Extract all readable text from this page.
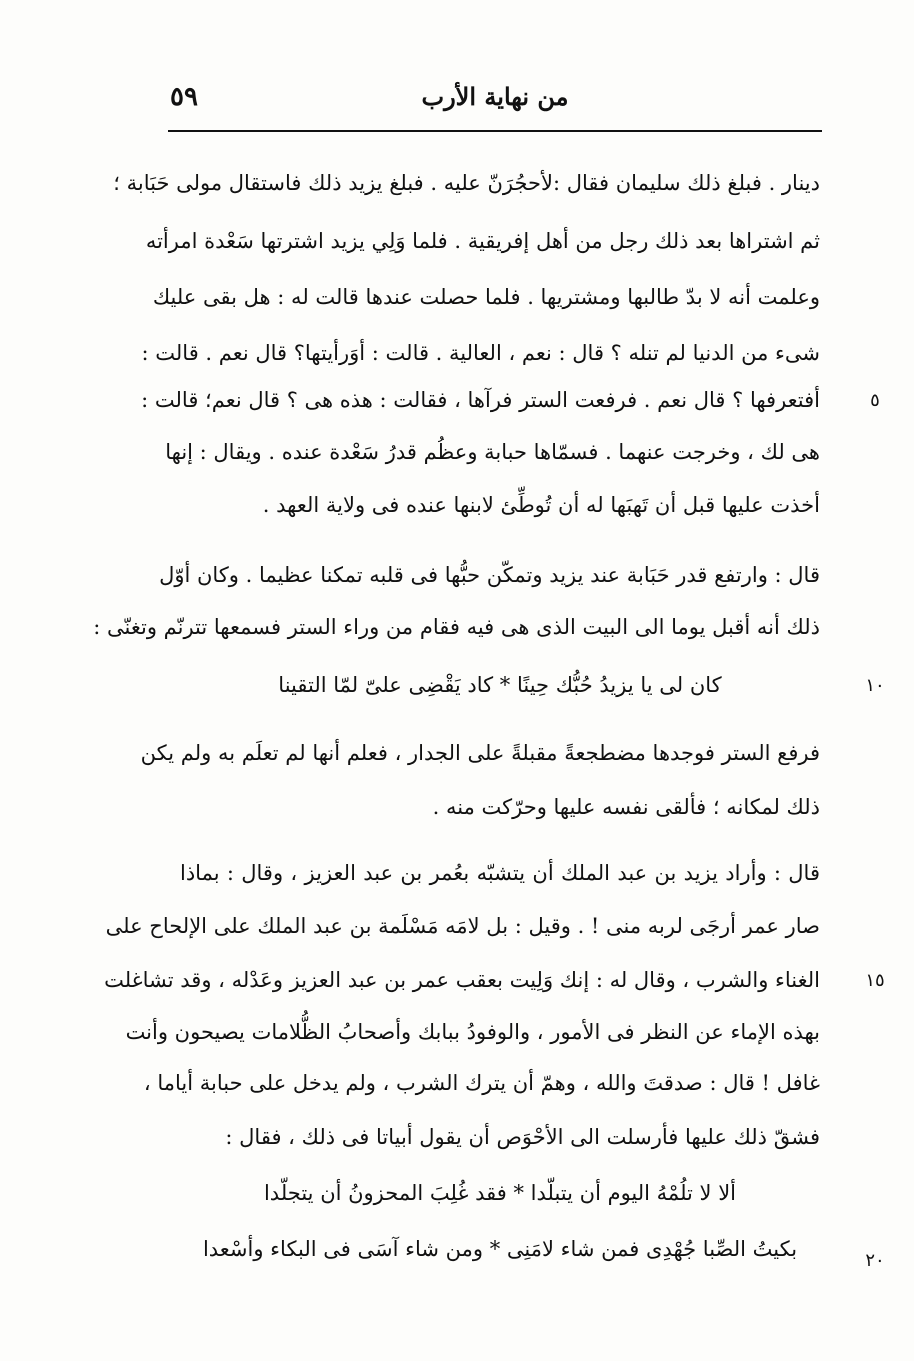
٥٩	من نهاية الأرب
دينار . فبلغ ذلك سليمان فقال :لأحجُرَنّ عليه . فبلغ يزيد ذلك فاستقال مولى حَبَابة ؛
ثم اشتراها بعد ذلك رجل من أهل إفريقية . فلما وَلِي يزيد اشترتها سَعْدة امرأته
وعلمت أنه لا بدّ طالبها ومشتريها . فلما حصلت عندها قالت له : هل بقى عليك
شىء من الدنيا لم تنله ؟ قال : نعم ، العالية . قالت : أوَرأيتها؟ قال نعم . قالت :
أفتعرفها ؟ قال نعم . فرفعت الستر فرآها ، فقالت : هذه هى ؟ قال نعم؛ قالت :
هى لك ، وخرجت عنهما . فسمّاها حبابة وعظُم قدرُ سَعْدة عنده . ويقال : إنها
أخذت عليها قبل أن تَهبَها له أن تُوطِّئ لابنها عنده فى ولاية العهد .
قال : وارتفع قدر حَبَابة عند يزيد وتمكّن حبُّها فى قلبه تمكنا عظيما . وكان أوّل
ذلك أنه أقبل يوما الى البيت الذى هى فيه فقام من وراء الستر فسمعها تترنّم وتغنّى :
كان لى يا يزيدُ حُبُّك حِينًا * كاد يَقْضِى علىّ لمّا التقينا
فرفع الستر فوجدها مضطجعةً مقبلةً على الجدار ، فعلم أنها لم تعلَم به ولم يكن
ذلك لمكانه ؛ فألقى نفسه عليها وحرّكت منه .
قال : وأراد يزيد بن عبد الملك أن يتشبّه بعُمر بن عبد العزيز ، وقال : بماذا
صار عمر أرجَى لربه منى ! . وقيل : بل لامَه مَسْلَمة بن عبد الملك على الإلحاح على
الغناء والشرب ، وقال له : إنك وَلِيت بعقب عمر بن عبد العزيز وعَدْله ، وقد تشاغلت
بهذه الإماء عن النظر فى الأمور ، والوفودُ ببابك وأصحابُ الظُّلامات يصيحون وأنت
غافل ! قال : صدقتَ والله ، وهمّ أن يترك الشرب ، ولم يدخل على حبابة أياما ،
فشقّ ذلك عليها فأرسلت الى الأحْوَص أن يقول أبياتا فى ذلك ، فقال :
ألا لا تلُمْهُ اليوم أن يتبلّدا * فقد غُلِبَ المحزونُ أن يتجلّدا
بكيتُ الصِّبا جُهْدِى فمن شاء لامَنِى * ومن شاء آسَى فى البكاء وأسْعدا
٥
١٠
١٥
٢٠
